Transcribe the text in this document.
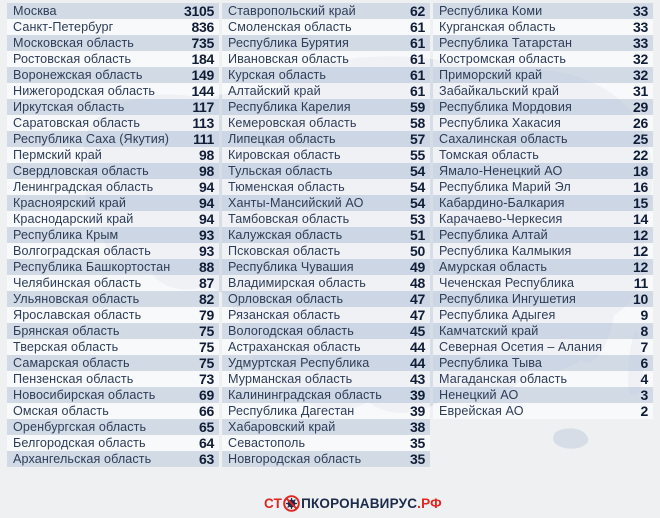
Москва	3105
Санкт-Петербург	836
Московская область	735
Ростовская область	184
Воронежская область	149
Нижегородская область	144
Иркутская область	117
Саратовская область	113
Республика Саха (Якутия) 111
Пермский край	98
Свердловская область	98
Ленинградская область	94
Красноярский край	94
Краснодарский край	94
Республика Крым	93
Волгоградская область	93
Республика Башкортостан 88
Челябинская область	87
Ульяновская область	82
Ярославская область	79
Брянская область	75
Тверская область	75
Самарская область	75
Пензенская область	73
Новосибирская область	69
Омская область	66
Оренбургская область	65
Белгородская область	64
Архангельская область	63
Ставропольский край	62
Смоленская область	61
Республика Бурятия	61
Ивановская область	61
Курская область	61
Алтайский край	61
Республика Карелия	59
Кемеровская область	58
Липецкая область	57
Кировская область	55
Тульская область	54
Тюменская область	54
Ханты-Мансийский АО	54
Тамбовская область	53
Калужская область	51
Псковская область	50
Республика Чувашия	49
Владимирская область	48
Орловская область	47
Рязанская область	47
Вологодская область	45
Астраханская область	44
Удмуртская Республика	44
Мурманская область	43
Калининградская область 39
Республика Дагестан	39
Хабаровский край	38
Севастополь	35
Новгородская область	35
Республика Коми	33
Курганская область	33
Республика Татарстан	33
Костромская область	32
Приморский край	32
Забайкальский край	31
Республика Мордовия	29
Республика Хакасия	26
Сахалинская область	25
Томская область	22
Ямало-Ненецкий АО	18
Республика Марий Эл	16
Кабардино-Балкария	15
Карачаево-Черкесия	14
Республика Алтай	12
Республика Калмыкия	12
Амурская область	12
Чеченская Республика	11
Республика Ингушетия	10
Республика Адыгея	9
Камчатский край	8
Северная Осетия – Алания	7
Республика Тыва	6
Магаданская область	4
Ненецкий АО	3
Еврейская АО	2
СТ ПКОРОНАВИРУС .РФ
